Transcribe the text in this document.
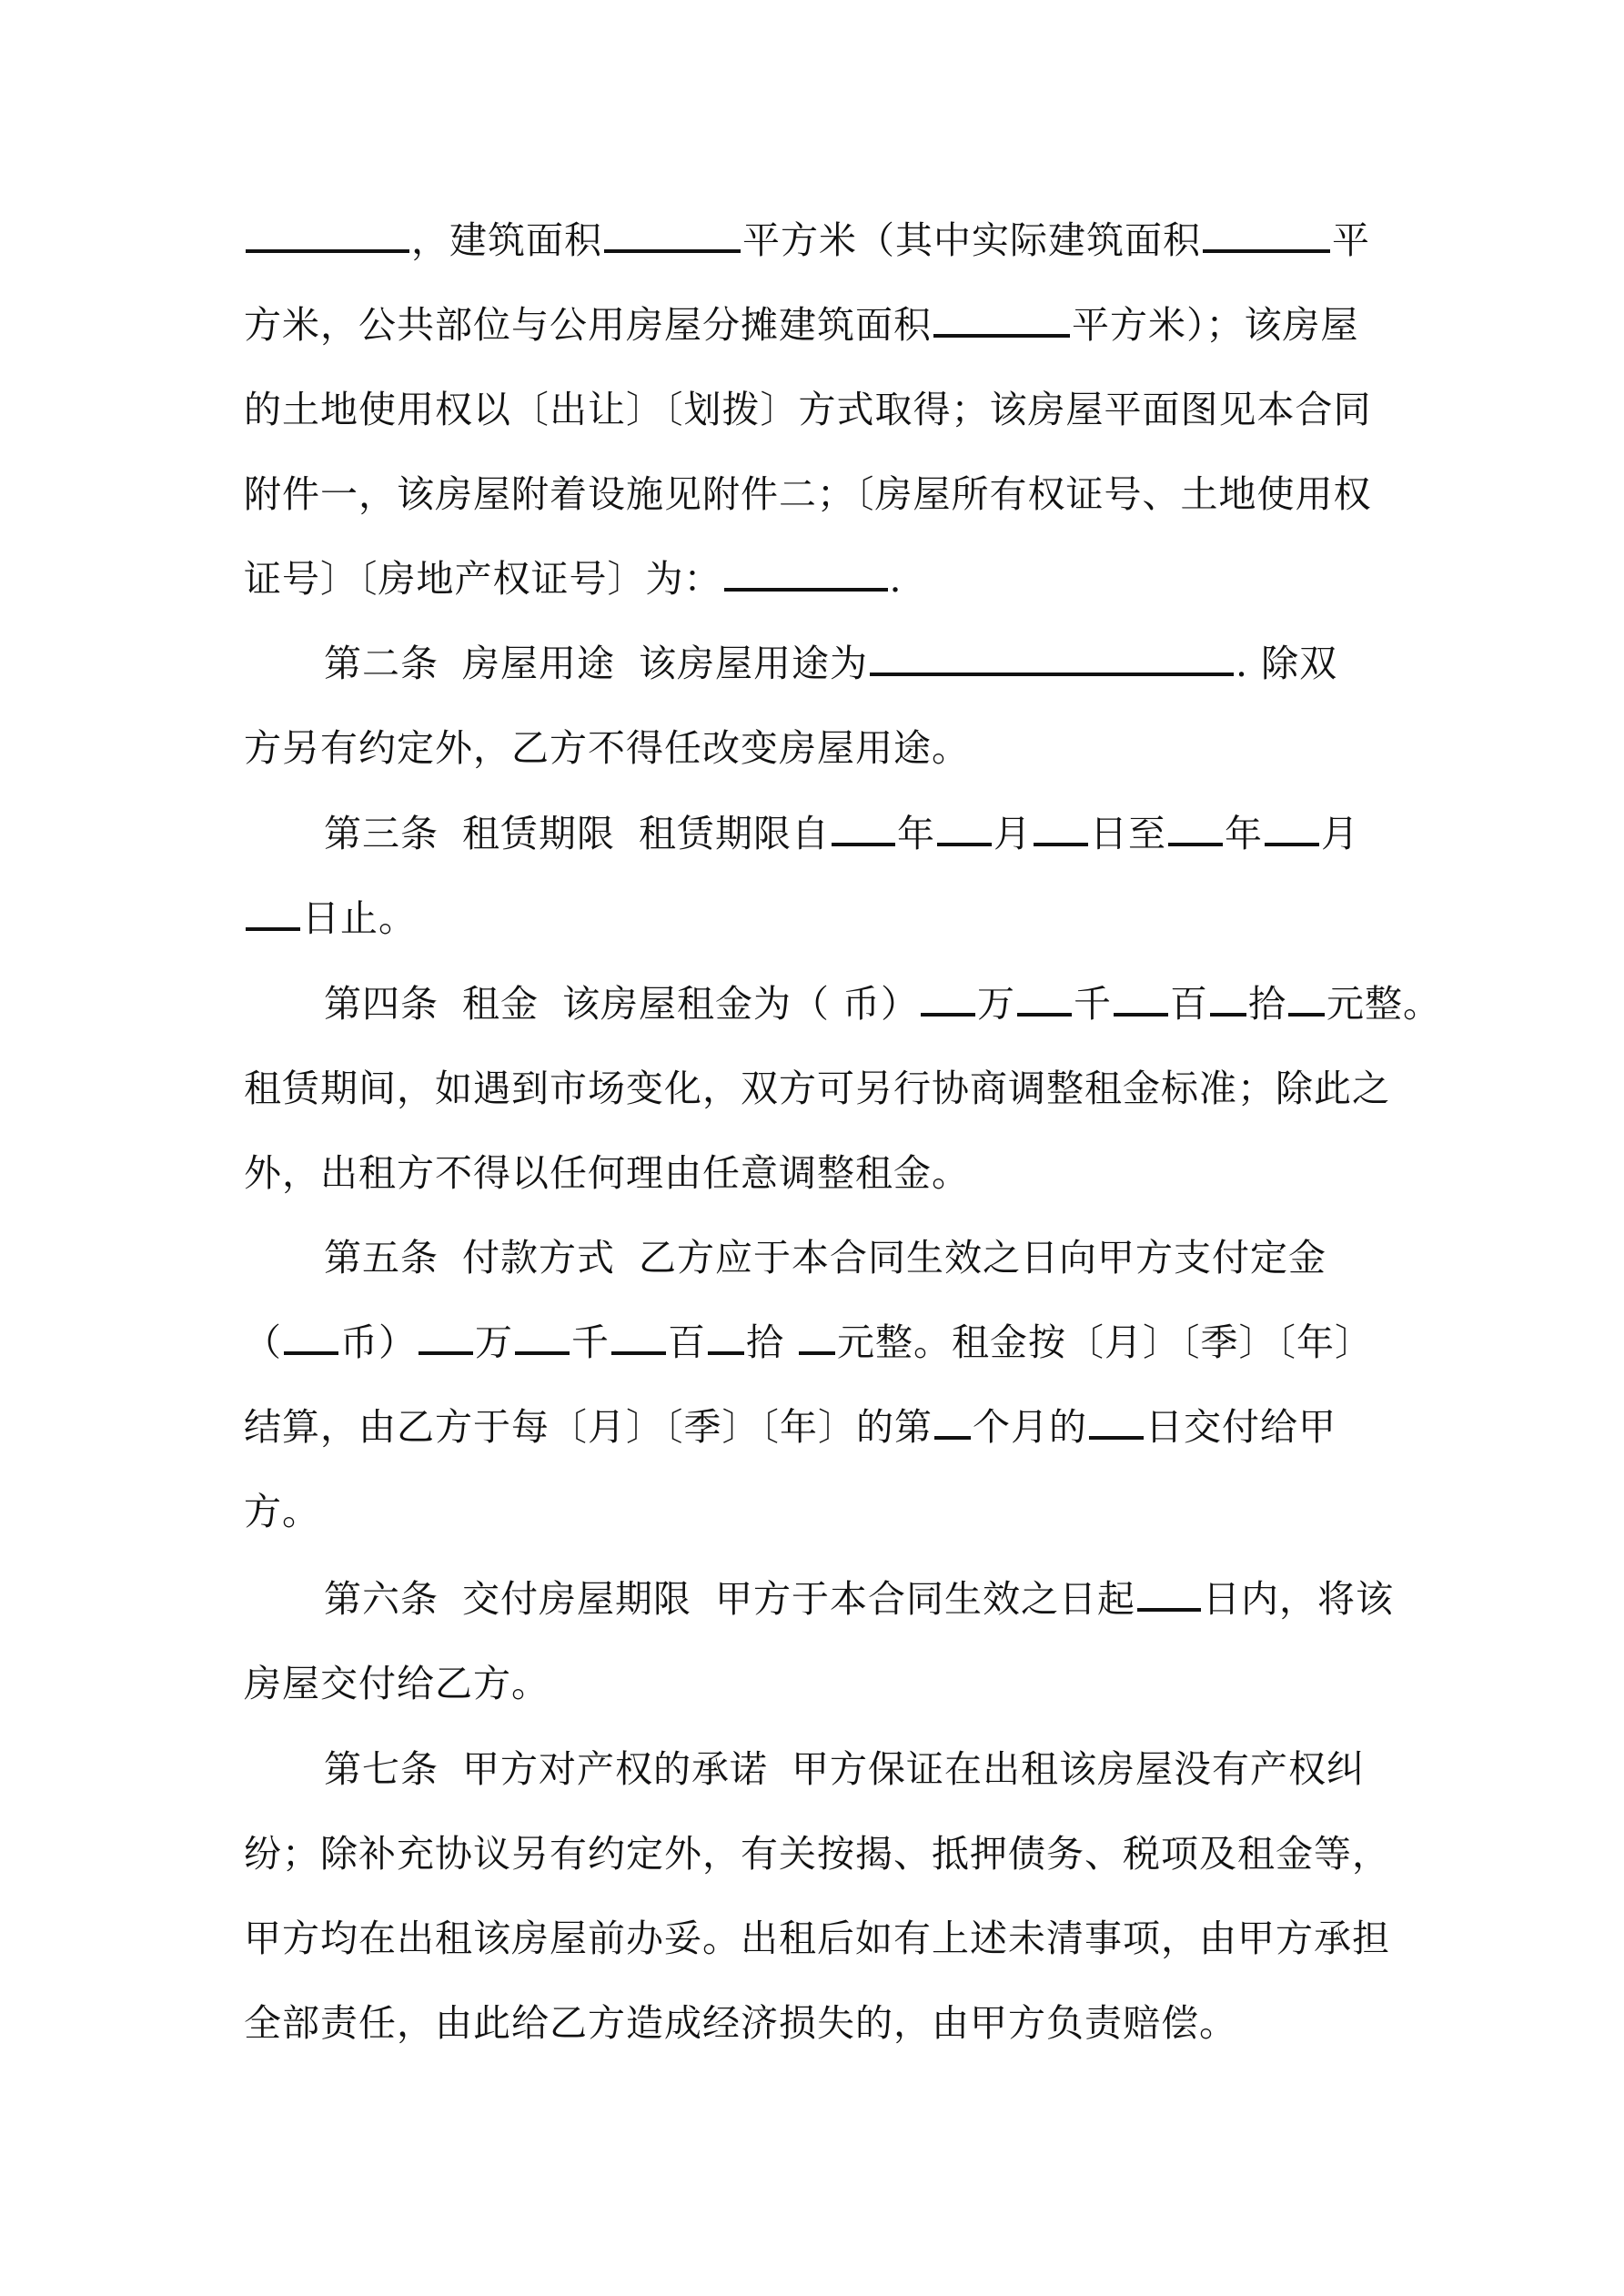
，建筑面积	平方米（其中实际建筑面积	平
方米，公共部位与公用房屋分摊建筑面积	平方米）；该房屋
的土地使用权以〔出让〕〔划拨〕方式取得；该房屋平面图见本合同
附件一，该房屋附着设施见附件二；〔房屋所有权证号、土地使用权
证号〕〔房地产权证号〕为：	.
第二条 房屋用途 该房屋用途为	. 除双
方另有约定外，乙方不得任改变房屋用途。
第三条 租赁期限 租赁期限自 年 月 日至 年 月
日止。
第四条 租金 该房屋租金为（ 币） 万 千 百 拾 元整。
租赁期间，如遇到市场变化，双方可另行协商调整租金标准；除此之
外，出租方不得以任何理由任意调整租金。
第五条 付款方式 乙方应于本合同生效之日向甲方支付定金
（ 币） 万 千 百 拾 元整。租金按〔月〕〔季〕〔年〕
结算，由乙方于每〔月〕〔季〕〔年〕的第 个月的 日交付给甲
方。
第六条 交付房屋期限 甲方于本合同生效之日起 日内，将该
房屋交付给乙方。
第七条 甲方对产权的承诺 甲方保证在出租该房屋没有产权纠
纷；除补充协议另有约定外，有关按揭、抵押债务、税项及租金等，
甲方均在出租该房屋前办妥。出租后如有上述未清事项，由甲方承担
全部责任，由此给乙方造成经济损失的，由甲方负责赔偿。
